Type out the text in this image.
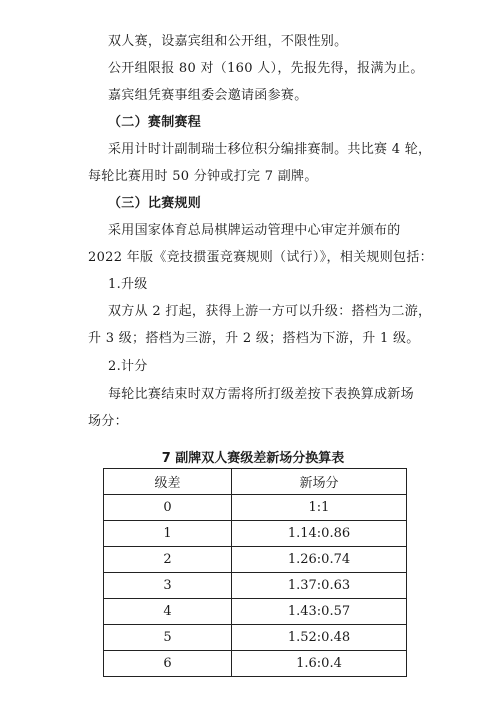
双人赛，设嘉宾组和公开组，不限性别。
公开组限报 80 对（160 人），先报先得，报满为止。
嘉宾组凭赛事组委会邀请函参赛。
（二）赛制赛程
采用计时计副制瑞士移位积分编排赛制。共比赛 4 轮，
每轮比赛用时 50 分钟或打完 7 副牌。
（三）比赛规则
采用国家体育总局棋牌运动管理中心审定并颁布的
2022 年版《竞技掼蛋竞赛规则（试行）》，相关规则包括：
1.升级
双方从 2 打起，获得上游一方可以升级：搭档为二游，
升 3 级；搭档为三游，升 2 级；搭档为下游，升 1 级。
2.计分
每轮比赛结束时双方需将所打级差按下表换算成新场
7 副牌双人赛级差新场分换算表
级差	新场分
0	1:1
1	1.14:0.86
2	1.26:0.74
3	1.37:0.63
4	1.43:0.57
5	1.52:0.48
6	1.6:0.4
场分：
